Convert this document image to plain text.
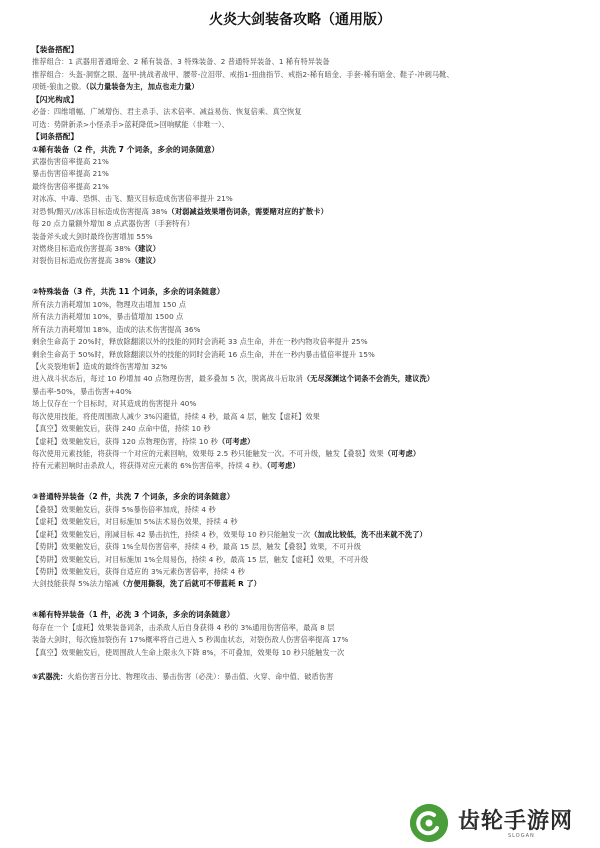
火炎大剑装备攻略（通用版）
【装备搭配】
推荐组合：1 武器用普通暗金、2 稀有装备、3 特殊装备、2 普通特异装备、1 稀有特异装备
推荐组合：头盔-洞察之眼、盔甲-挑战者战甲、腰带-泣泪带、戒指1-扭曲指节、戒指2-稀有暗金、手套-稀有暗金、鞋子-冲刺马靴、
项链-狼血之傲。（以力量装备为主，加点也走力量）
【闪光构成】
必备：四维增幅、广域增伤、君主杀手、法术倍率、减益易伤、恢复倍乘、真空恢复
可选：势阱新杀>小怪杀手>蓝耗降低>回响赋能（非唯一）、
【词条搭配】
①稀有装备（2 件，共洗 7 个词条，多余的词条随意）
武器伤害倍率提高 21%
暴击伤害倍率提高 21%
最终伤害倍率提高 21%
对冰冻、中毒、恐惧、击飞、黯灭目标造成伤害倍率提升 21%
对恐惧/黯灭//冰冻目标造成伤害提高 38%（对弱减益效果增伤词条，需要赌对应的扩散卡）
每 20 点力量额外增加 8 点武器伤害（手套特有）
装备斧头或大剑时最终伤害增加 55%
对燃烧目标造成伤害提高 38%（建议）
对裂伤目标造成伤害提高 38%（建议）
②特殊装备（3 件，共洗 11 个词条，多余的词条随意）
所有法力消耗增加 10%，物理攻击增加 150 点
所有法力消耗增加 10%，暴击值增加 1500 点
所有法力消耗增加 18%，造成的法术伤害提高 36%
剩余生命高于 20%时，释放除翻滚以外的技能的同时会消耗 33 点生命，并在一秒内物攻倍率提升 25%
剩余生命高于 50%时，释放除翻滚以外的技能的同时会消耗 16 点生命，并在一秒内暴击值倍率提升 15%
【火炎裂地斩】造成的最终伤害增加 32%
进入战斗状态后，每过 10 秒增加 40 点物理伤害，最多叠加 5 次，脱离战斗后取消（无尽深渊这个词条不会消失，建议洗）
暴击率-50%，暴击伤害+40%
场上仅存在一个目标时，对其造成的伤害提升 40%
每次使用技能，将使周围敌人减少 3%闪避值，持续 4 秒，最高 4 层，触发【虚耗】效果
【真空】效果触发后，获得 240 点命中值，持续 10 秒
【虚耗】效果触发后，获得 120 点物理伤害，持续 10 秒（可考虑）
每次使用元素技能，将获得一个对应的元素回响，效果每 2.5 秒只能触发一次。不可升级，触发【叠裂】效果（可考虑）
持有元素回响时击杀敌人，将获得对应元素的 6%伤害倍率，持续 4 秒。（可考虑）
③普通特异装备（2 件，共洗 7 个词条，多余的词条随意）
【叠裂】效果触发后，获得 5%暴伤倍率加成，持续 4 秒
【虚耗】效果触发后，对目标施加 5%法术易伤效果，持续 4 秒
【虚耗】效果触发后，削减目标 42 暴击抗性，持续 4 秒，效果每 10 秒只能触发一次（加成比较低，洗不出来就不洗了）
【势阱】效果触发后，获得 1%全局伤害倍率，持续 4 秒，最高 15 层，触发【叠裂】效果，不可升级
【势阱】效果触发后，对目标施加 1%全局易伤，持续 4 秒，最高 15 层，触发【虚耗】效果，不可升级
【势阱】效果触发后，获得自适应的 3%元素伤害倍率，持续 4 秒
大剑技能获得 5%法力缩减（方便用撕裂，洗了后就可不带蓝耗 R 了）
④稀有特异装备（1 件，必洗 3 个词条，多余的词条随意）
每存在一个【虚耗】效果装备词条，击杀敌人后自身获得 4 秒的 3%通用伤害倍率，最高 8 层
装备大剑时，每次施加裂伤有 17%概率将自己进入 5 秒渴血状态，对裂伤敌人伤害倍率提高 17%
【真空】效果触发后，使周围敌人生命上限永久下降 8%，不可叠加，效果每 10 秒只能触发一次
⑤武器洗：火焰伤害百分比、物理攻击、暴击伤害（必洗）：暴击值、火穿、命中值、破盾伤害
齿轮手游网
SLOGAN
